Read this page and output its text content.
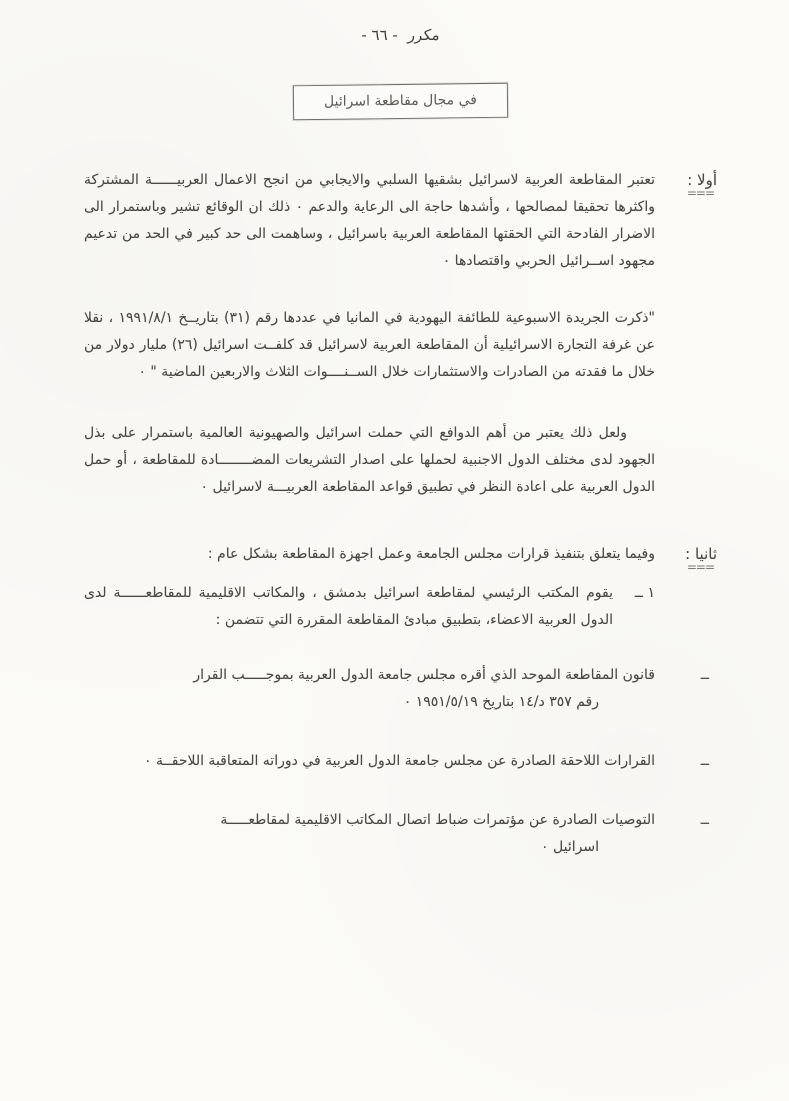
- ٦٦ - مكرر
في مجال مقاطعة اسرائيل
أولا :
===

تعتبر المقاطعة العربية لاسرائيل بشقيها السلبي والايجابي من انجح الاعمال العربيــــــة المشتركة واكثرها تحقيقا لمصالحها ، وأشدها حاجة الى الرعاية والدعم ٠ ذلك ان الوقائع تشير وباستمرار الى الاضرار الفادحة التي الحقتها المقاطعة العربية باسرائيل ، وساهمت الى حد كبير في الحد من تدعيم مجهود اســرائيل الحربي واقتصادها ٠

"ذكرت الجريدة الاسبوعية للطائفة اليهودية في المانيا في عددها رقم (٣١) بتاريــخ ١٩٩١/٨/١ ، نقلا عن غرفة التجارة الاسرائيلية أن المقاطعة العربية لاسرائيل قد كلفــت اسرائيل (٢٦) مليار دولار من خلال ما فقدته من الصادرات والاستثمارات خلال الســنــــوات الثلاث والاربعين الماضية " ٠

ولعل ذلك يعتبر من أهم الدوافع التي حملت اسرائيل والصهيونية العالمية باستمرار على بذل الجهود لدى مختلف الدول الاجنبية لحملها على اصدار التشريعات المضــــــــادة للمقاطعة ، أو حمل الدول العربية على اعادة النظر في تطبيق قواعد المقاطعة العربيـــة لاسرائيل ٠

ثانيا :
===

وفيما يتعلق بتنفيذ قرارات مجلس الجامعة وعمل اجهزة المقاطعة بشكل عام :

١ ــ

يقوم المكتب الرئيسي لمقاطعة اسرائيل بدمشق ، والمكاتب الاقليمية للمقاطعــــــة لدى الدول العربية الاعضاء، بتطبيق مبادئ المقاطعة المقررة التي تتضمن :

ــ

قانون المقاطعة الموحد الذي أقره مجلس جامعة الدول العربية بموجـــــب القرار رقم ٣٥٧ د/١٤ بتاريخ ١٩٥١/٥/١٩ ٠

ــ

القرارات اللاحقة الصادرة عن مجلس جامعة الدول العربية في دوراته المتعاقبة اللاحقــة ٠

ــ

التوصيات الصادرة عن مؤتمرات ضباط اتصال المكاتب الاقليمية لمقاطعـــــة اسرائيل ٠
